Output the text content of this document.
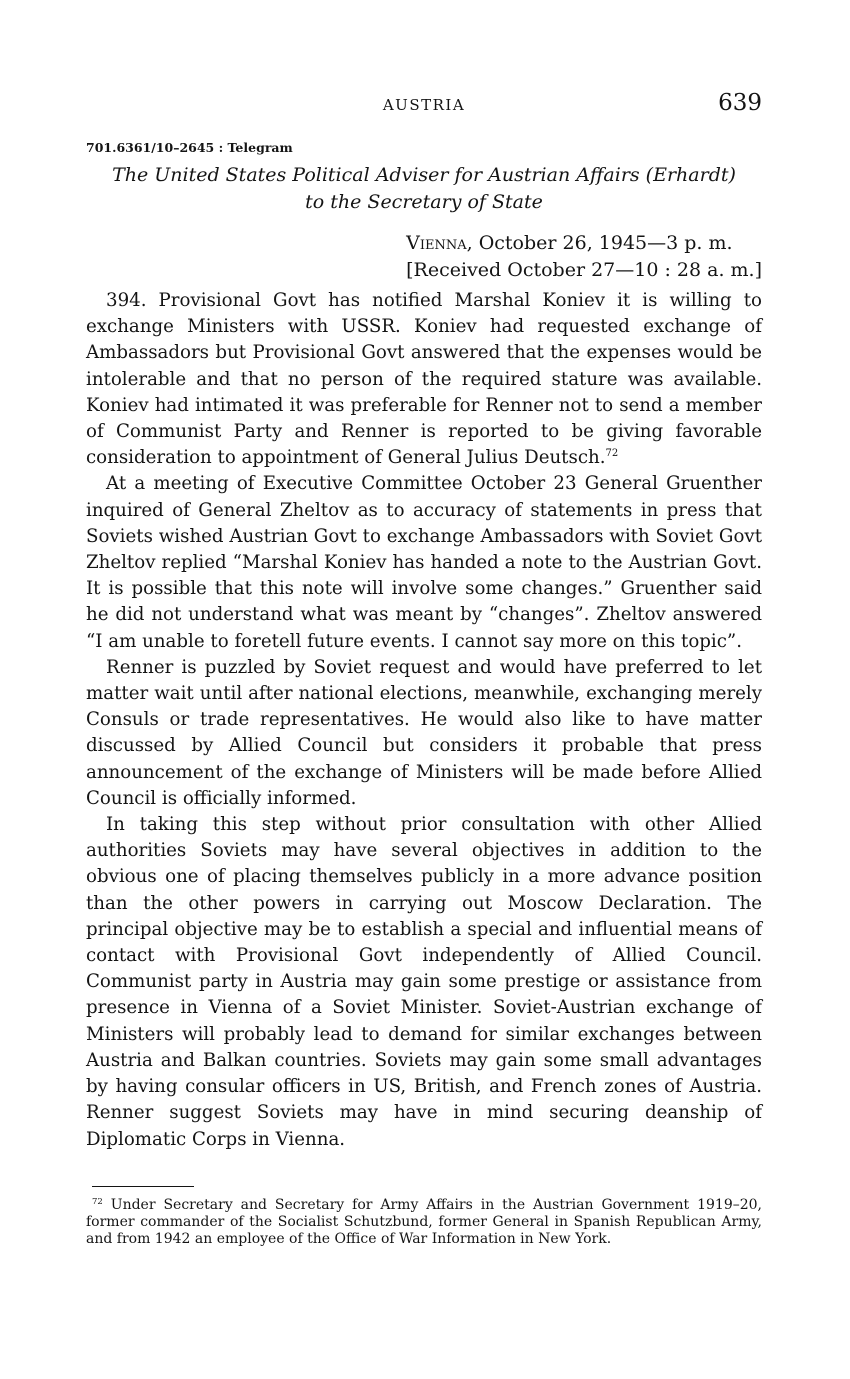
AUSTRIA	639
701.6361/10–2645 : Telegram
The United States Political Adviser for Austrian Affairs (Erhardt)
to the Secretary of State
Vienna, October 26, 1945—3 p. m.
[Received October 27—10 : 28 a. m.]

394. Provisional Govt has notified Marshal Koniev it is willing to exchange Ministers with USSR. Koniev had requested exchange of Ambassadors but Provisional Govt answered that the expenses would be intolerable and that no person of the required stature was available. Koniev had intimated it was preferable for Renner not to send a member of Communist Party and Renner is reported to be giving favorable consideration to appointment of General Julius Deutsch.$^{72}$

At a meeting of Executive Committee October 23 General Gruenther inquired of General Zheltov as to accuracy of statements in press that Soviets wished Austrian Govt to exchange Ambassadors with Soviet Govt Zheltov replied “Marshal Koniev has handed a note to the Austrian Govt. It is possible that this note will involve some changes.” Gruenther said he did not understand what was meant by “changes”. Zheltov answered “I am unable to foretell future events. I cannot say more on this topic”.

Renner is puzzled by Soviet request and would have preferred to let matter wait until after national elections, meanwhile, exchanging merely Consuls or trade representatives. He would also like to have matter discussed by Allied Council but considers it probable that press announcement of the exchange of Ministers will be made before Allied Council is officially informed.

In taking this step without prior consultation with other Allied authorities Soviets may have several objectives in addition to the obvious one of placing themselves publicly in a more advance position than the other powers in carrying out Moscow Declaration. The principal objective may be to establish a special and influential means of contact with Provisional Govt independently of Allied Council. Communist party in Austria may gain some prestige or assistance from presence in Vienna of a Soviet Minister. Soviet-Austrian exchange of Ministers will probably lead to demand for similar exchanges between Austria and Balkan countries. Soviets may gain some small advantages by having consular officers in US, British, and French zones of Austria. Renner suggest Soviets may have in mind securing deanship of Diplomatic Corps in Vienna.

$^{72}$ Under Secretary and Secretary for Army Affairs in the Austrian Government 1919–20, former commander of the Socialist Schutzbund, former General in Spanish Republican Army, and from 1942 an employee of the Office of War Information in New York.
